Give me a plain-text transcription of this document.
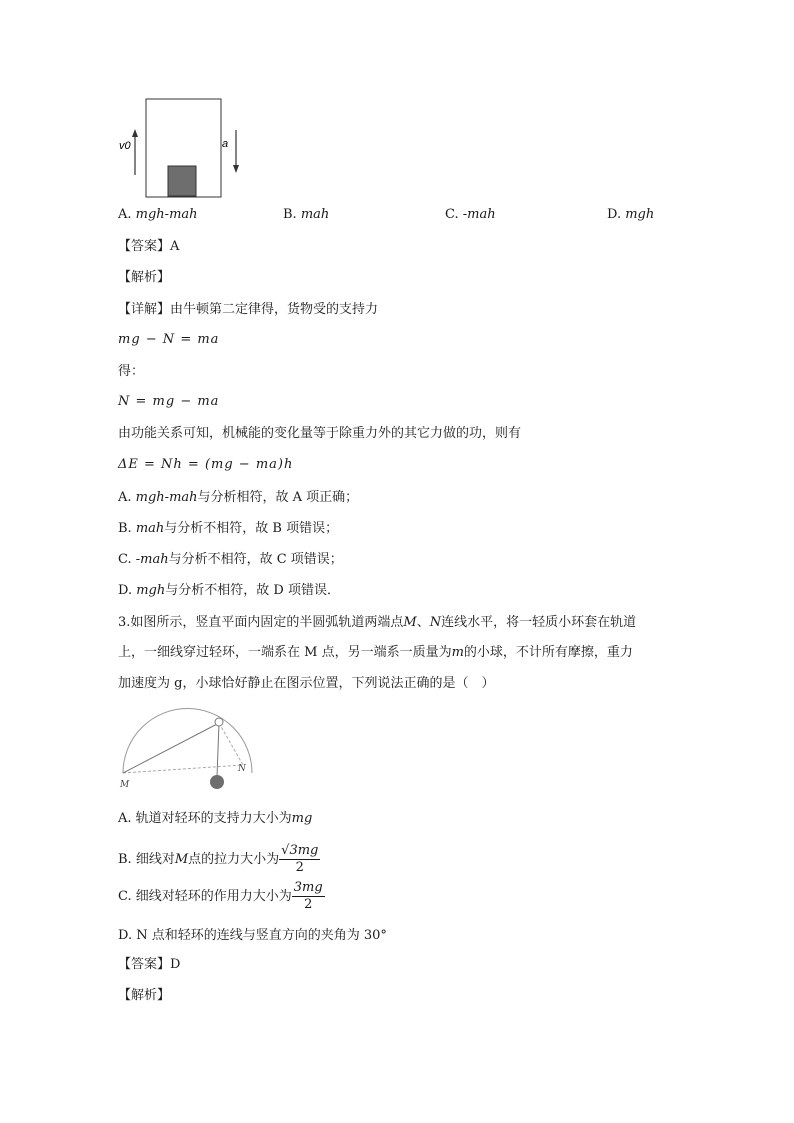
v0	a
A. mgh-mah	B. mah	C. -mah	D. mgh
【答案】A
【解析】
【详解】由牛顿第二定律得，货物受的支持力
mg − N = ma
得：
N = mg − ma
由功能关系可知，机械能的变化量等于除重力外的其它力做的功，则有
ΔE = Nh = (mg − ma)h
A. mgh-mah与分析相符，故 A 项正确；
B. mah与分析不相符，故 B 项错误；
C. -mah与分析不相符，故 C 项错误；
D. mgh与分析不相符，故 D 项错误．
3.如图所示，竖直平面内固定的半圆弧轨道两端点M、N连线水平，将一轻质小环套在轨道
上，一细线穿过轻环，一端系在 M 点，另一端系一质量为m的小球，不计所有摩擦，重力
加速度为 g，小球恰好静止在图示位置，下列说法正确的是（　）
M
N
A. 轨道对轻环的支持力大小为mg
B. 细线对M点的拉力大小为 $\frac{√3mg}{2}$
C. 细线对轻环的作用力大小为 $\frac{3mg}{2}$
D. N 点和轻环的连线与竖直方向的夹角为 30°
【答案】D
【解析】
